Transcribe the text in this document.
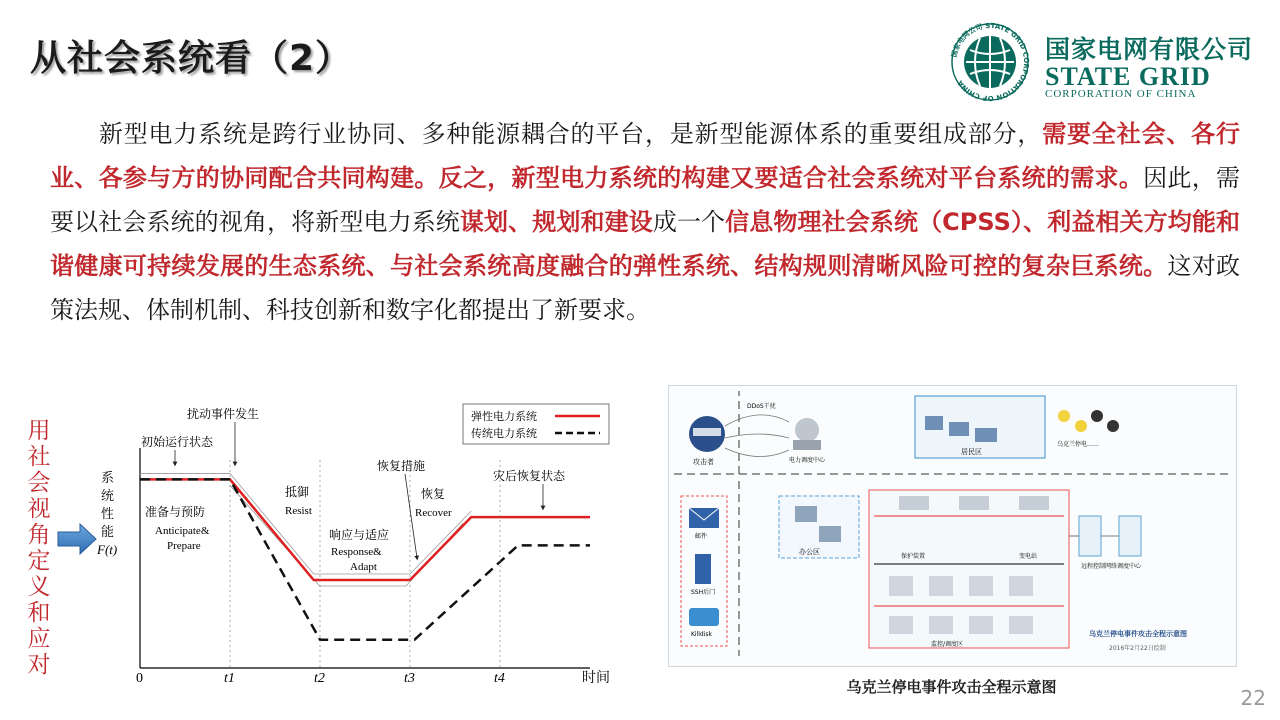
从社会系统看（2）	国家电网公司 STATE GRID CORPORATION OF CHINA
国家电网有限公司
STATE GRID
CORPORATION OF CHINA
新型电力系统是跨行业协同、多种能源耦合的平台，是新型能源体系的重要组成部分，需要全社会、各行业、各参与方的协同配合共同构建。反之，新型电力系统的构建又要适合社会系统对平台系统的需求。因此，需要以社会系统的视角，将新型电力系统谋划、规划和建设成一个信息物理社会系统（CPSS）、利益相关方均能和谐健康可持续发展的生态系统、与社会系统高度融合的弹性系统、结构规则清晰风险可控的复杂巨系统。这对政策法规、体制机制、科技创新和数字化都提出了新要求。
用社会视角定义和应对	时间
系
统
性
能
F(t)
弹性电力系统
传统电力系统
0	t1	t2	t3	t4
扰动事件发生
初始运行状态
恢复措施
灾后恢复状态
准备与预防
Anticipate&
Prepare
抵御
Resist
响应与适应
Response&
Adapt
恢复
Recover
攻击者
DDoS干扰
电力调度中心
居民区
乌克兰停电……
邮件
SSH后门
Killdisk
办公区
保护装置
监控/调度区
变电站
远程控制网络 调度中心
乌克兰停电事件攻击全程示意图
2016年2月22日绘制
乌克兰停电事件攻击全程示意图	22
